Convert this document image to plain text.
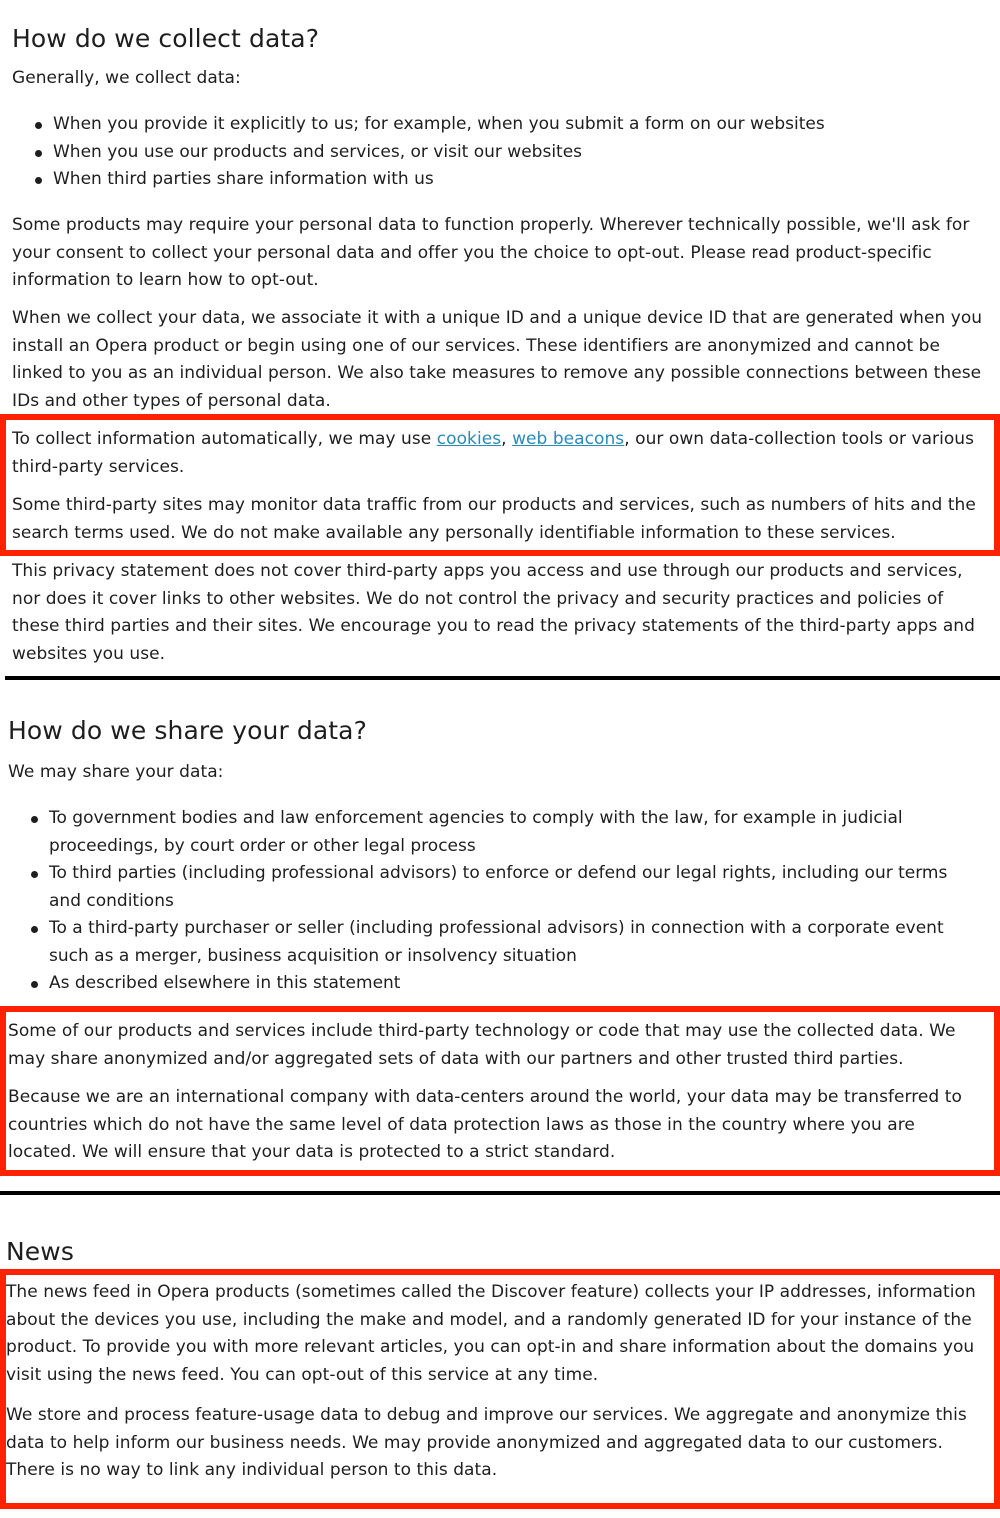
How do we collect data?

Generally, we collect data:

When you provide it explicitly to us; for example, when you submit a form on our websites
When you use our products and services, or visit our websites
When third parties share information with us

Some products may require your personal data to function properly. Wherever technically possible, we'll ask for your consent to collect your personal data and offer you the choice to opt-out. Please read product-specific information to learn how to opt-out.

When we collect your data, we associate it with a unique ID and a unique device ID that are generated when you install an Opera product or begin using one of our services. These identifiers are anonymized and cannot be linked to you as an individual person. We also take measures to remove any possible connections between these IDs and other types of personal data.

To collect information automatically, we may use cookies, web beacons, our own data-collection tools or various third-party services.

Some third-party sites may monitor data traffic from our products and services, such as numbers of hits and the search terms used. We do not make available any personally identifiable information to these services.

This privacy statement does not cover third-party apps you access and use through our products and services, nor does it cover links to other websites. We do not control the privacy and security practices and policies of these third parties and their sites. We encourage you to read the privacy statements of the third-party apps and websites you use.

How do we share your data?

We may share your data:

To government bodies and law enforcement agencies to comply with the law, for example in judicial proceedings, by court order or other legal process
To third parties (including professional advisors) to enforce or defend our legal rights, including our terms and conditions
To a third-party purchaser or seller (including professional advisors) in connection with a corporate event such as a merger, business acquisition or insolvency situation
As described elsewhere in this statement

Some of our products and services include third-party technology or code that may use the collected data. We may share anonymized and/or aggregated sets of data with our partners and other trusted third parties.

Because we are an international company with data-centers around the world, your data may be transferred to countries which do not have the same level of data protection laws as those in the country where you are located. We will ensure that your data is protected to a strict standard.

News

The news feed in Opera products (sometimes called the Discover feature) collects your IP addresses, information about the devices you use, including the make and model, and a randomly generated ID for your instance of the product. To provide you with more relevant articles, you can opt-in and share information about the domains you visit using the news feed. You can opt-out of this service at any time.

We store and process feature-usage data to debug and improve our services. We aggregate and anonymize this data to help inform our business needs. We may provide anonymized and aggregated data to our customers. There is no way to link any individual person to this data.
